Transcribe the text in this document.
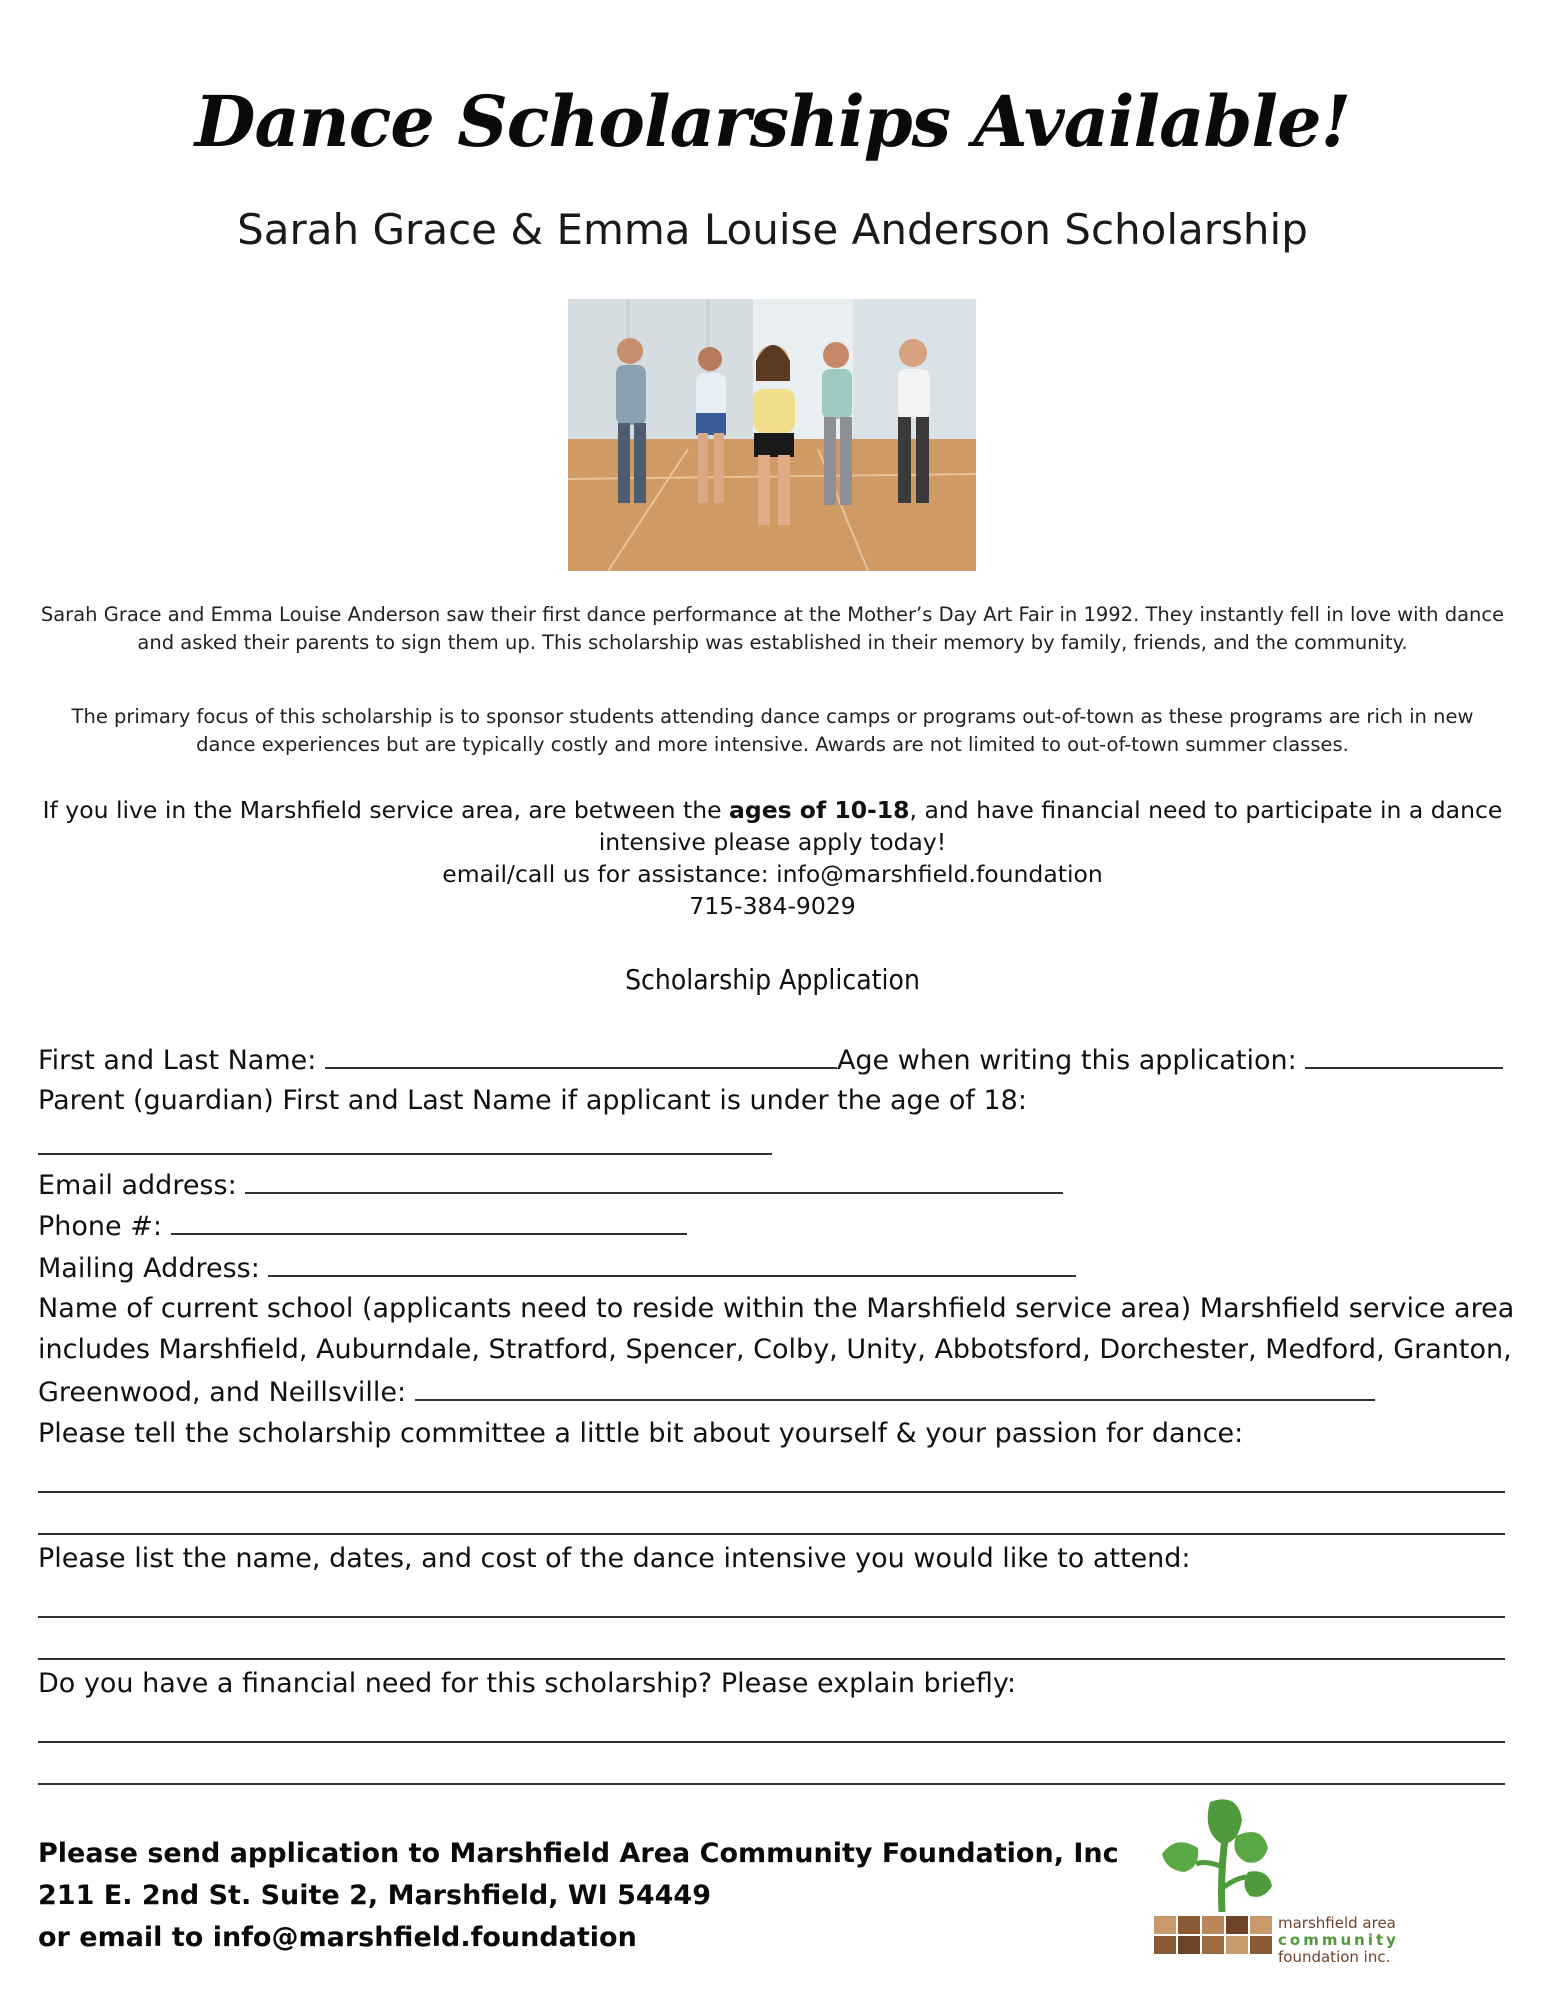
Dance Scholarships Available!
Sarah Grace & Emma Louise Anderson Scholarship
Sarah Grace and Emma Louise Anderson saw their first dance performance at the Mother’s Day Art Fair in 1992. They instantly fell in love with dance and asked their parents to sign them up. This scholarship was established in their memory by family, friends, and the community.
The primary focus of this scholarship is to sponsor students attending dance camps or programs out-of-town as these programs are rich in new dance experiences but are typically costly and more intensive. Awards are not limited to out-of-town summer classes.
If you live in the Marshfield service area, are between the ages of 10-18, and have financial need to participate in a dance intensive please apply today!
email/call us for assistance: info@marshfield.foundation
715-384-9029
Scholarship Application
First and Last Name:	Age when writing this application:
Parent (guardian) First and Last Name if applicant is under the age of 18:
Email address:
Phone #:
Mailing Address:
Name of current school (applicants need to reside within the Marshfield service area) Marshfield service area
includes Marshfield, Auburndale, Stratford, Spencer, Colby, Unity, Abbotsford, Dorchester, Medford, Granton,
Greenwood, and Neillsville:
Please tell the scholarship committee a little bit about yourself & your passion for dance:
Please list the name, dates, and cost of the dance intensive you would like to attend:
Do you have a financial need for this scholarship? Please explain briefly:
Please send application to Marshfield Area Community Foundation, Inc
211 E. 2nd St. Suite 2, Marshfield, WI 54449
or email to info@marshfield.foundation	marshfield area
community
foundation inc.
